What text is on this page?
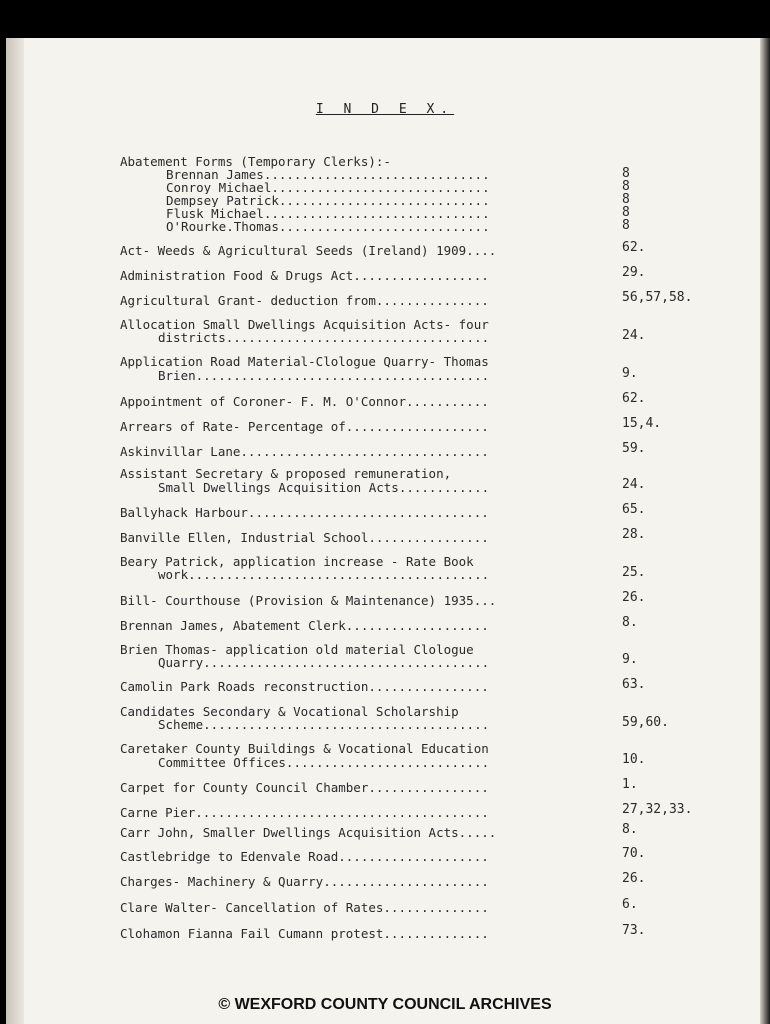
I N D E X.
Abatement Forms (Temporary Clerks):-
Brennan James..............................	8
Conroy Michael.............................	8
Dempsey Patrick............................	8
Flusk Michael..............................	8
O'Rourke.Thomas............................	8
Act- Weeds & Agricultural Seeds (Ireland) 1909....	62.
Administration Food & Drugs Act..................	29.
Agricultural Grant- deduction from...............	56,57,58.
Allocation Small Dwellings Acquisition Acts- four
districts...................................	24.
Application Road Material-Clologue Quarry- Thomas
Brien.......................................	9.
Appointment of Coroner- F. M. O'Connor...........	62.
Arrears of Rate- Percentage of...................	15,4.
Askinvillar Lane.................................	59.
Assistant Secretary & proposed remuneration,
Small Dwellings Acquisition Acts............	24.
Ballyhack Harbour................................	65.
Banville Ellen, Industrial School................	28.
Beary Patrick, application increase - Rate Book
work........................................	25.
Bill- Courthouse (Provision & Maintenance) 1935...	26.
Brennan James, Abatement Clerk...................	8.
Brien Thomas- application old material Clologue
Quarry......................................	9.
Camolin Park Roads reconstruction................	63.
Candidates Secondary & Vocational Scholarship
Scheme......................................	59,60.
Caretaker County Buildings & Vocational Education
Committee Offices...........................	10.
Carpet for County Council Chamber................	1.
Carne Pier.......................................	27,32,33.
Carr John, Smaller Dwellings Acquisition Acts.....	8.
Castlebridge to Edenvale Road....................	70.
Charges- Machinery & Quarry......................	26.
Clare Walter- Cancellation of Rates..............	6.
Clohamon Fianna Fail Cumann protest..............	73.
© WEXFORD COUNTY COUNCIL ARCHIVES
